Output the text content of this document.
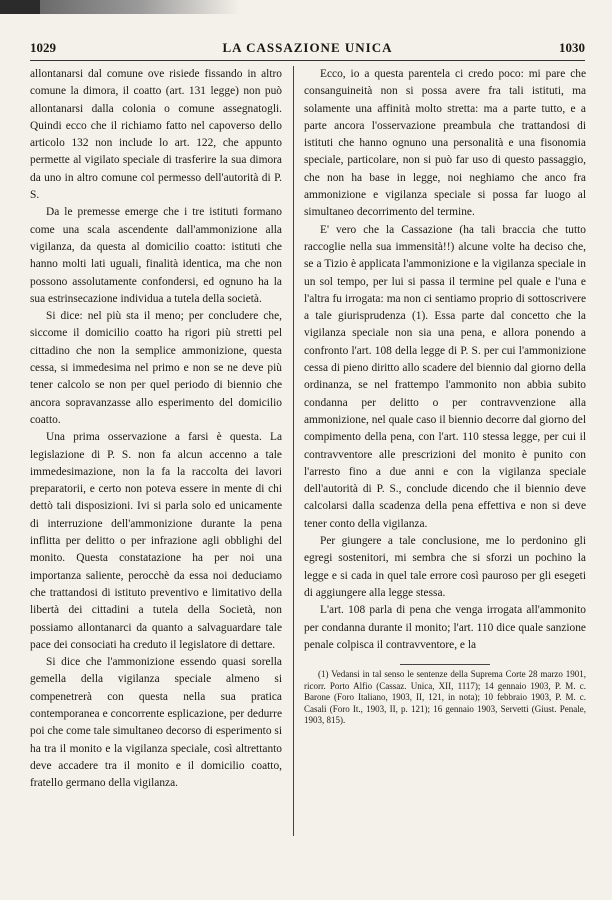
1029	LA CASSAZIONE UNICA	1030

allontanarsi dal comune ove risiede fissando in altro comune la dimora, il coatto (art. 131 legge) non può allontanarsi dalla colonia o comune assegnatogli. Quindi ecco che il richiamo fatto nel capoverso dello articolo 132 non include lo art. 122, che appunto permette al vigilato speciale di trasferire la sua dimora da uno in altro comune col permesso dell'autorità di P. S.

Da le premesse emerge che i tre istituti formano come una scala ascendente dall'ammonizione alla vigilanza, da questa al domicilio coatto: istituti che hanno molti lati uguali, finalità identica, ma che non possono assolutamente confondersi, ed ognuno ha la sua estrinsecazione individua a tutela della società.

Si dice: nel più sta il meno; per concludere che, siccome il domicilio coatto ha rigori più stretti pel cittadino che non la semplice ammonizione, questa cessa, si immedesima nel primo e non se ne deve più tener calcolo se non per quel periodo di biennio che ancora sopravanzasse allo esperimento del domicilio coatto.

Una prima osservazione a farsi è questa. La legislazione di P. S. non fa alcun accenno a tale immedesimazione, non la fa la raccolta dei lavori preparatorii, e certo non poteva essere in mente di chi dettò tali disposizioni. Ivi si parla solo ed unicamente di interruzione dell'ammonizione durante la pena inflitta per delitto o per infrazione agli obblighi del monito. Questa constatazione ha per noi una importanza saliente, perocchè da essa noi deduciamo che trattandosi di istituto preventivo e limitativo della libertà dei cittadini a tutela della Società, non possiamo allontanarci da quanto a salvaguardare tale pace dei consociati ha creduto il legislatore di dettare.

Si dice che l'ammonizione essendo quasi sorella gemella della vigilanza speciale almeno si compenetrerà con questa nella sua pratica contemporanea e concorrente esplicazione, per dedurre poi che come tale simultaneo decorso di esperimento si ha tra il monito e la vigilanza speciale, così altrettanto deve accadere tra il monito e il domicilio coatto, fratello germano della vigilanza.

Ecco, io a questa parentela ci credo poco: mi pare che consanguineità non si possa avere fra tali istituti, ma solamente una affinità molto stretta: ma a parte tutto, e a parte ancora l'osservazione preambula che trattandosi di istituti che hanno ognuno una personalità e una fisonomia speciale, particolare, non si può far uso di questo passaggio, che non ha base in legge, noi neghiamo che anco fra ammonizione e vigilanza speciale si possa far luogo al simultaneo decorrimento del termine.

E' vero che la Cassazione (ha tali braccia che tutto raccoglie nella sua immensità!!) alcune volte ha deciso che, se a Tizio è applicata l'ammonizione e la vigilanza speciale in un sol tempo, per lui si passa il termine pel quale e l'una e l'altra fu irrogata: ma non ci sentiamo proprio di sottoscrivere a tale giurisprudenza (1). Essa parte dal concetto che la vigilanza speciale non sia una pena, e allora ponendo a confronto l'art. 108 della legge di P. S. per cui l'ammonizione cessa di pieno diritto allo scadere del biennio dal giorno della ordinanza, se nel frattempo l'ammonito non abbia subito condanna per delitto o per contravvenzione alla ammonizione, nel quale caso il biennio decorre dal giorno del compimento della pena, con l'art. 110 stessa legge, per cui il contravventore alle prescrizioni del monito è punito con l'arresto fino a due anni e con la vigilanza speciale dell'autorità di P. S., conclude dicendo che il biennio deve calcolarsi dalla scadenza della pena effettiva e non si deve tener conto della vigilanza.

Per giungere a tale conclusione, me lo perdonino gli egregi sostenitori, mi sembra che si sforzi un pochino la legge e si cada in quel tale errore così pauroso per gli esegeti di aggiungere alla legge stessa.

L'art. 108 parla di pena che venga irrogata all'ammonito per condanna durante il monito; l'art. 110 dice quale sanzione penale colpisca il contravventore, e la

(1) Vedansi in tal senso le sentenze della Suprema Corte 28 marzo 1901, ricorr. Porto Alfio (Cassaz. Unica, XII, 1117); 14 gennaio 1903, P. M. c. Barone (Foro Italiano, 1903, II, 121, in nota); 10 febbraio 1903, P. M. c. Casali (Foro It., 1903, II, p. 121); 16 gennaio 1903, Servetti (Giust. Penale, 1903, 815).
